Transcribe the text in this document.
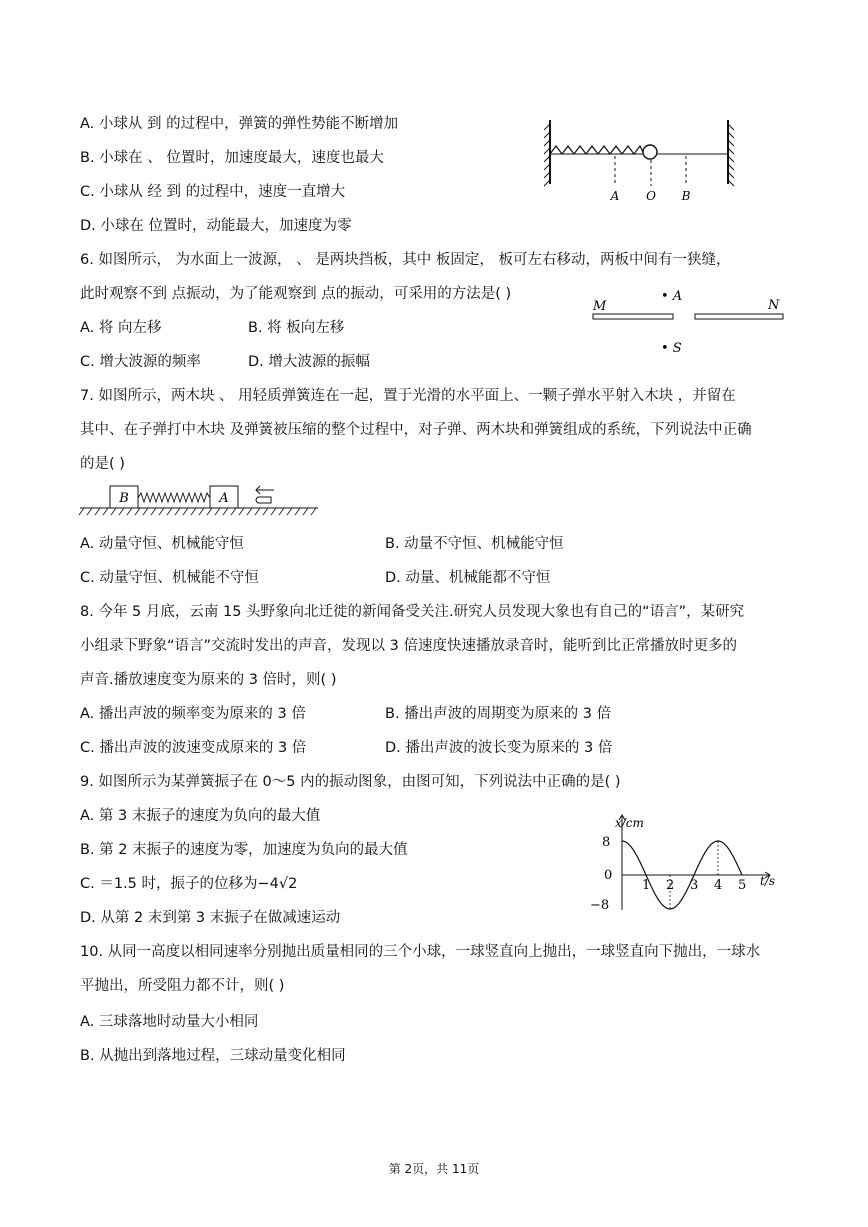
A. 小球从 到 的过程中，弹簧的弹性势能不断增加
B. 小球在 、 位置时，加速度最大，速度也最大
C. 小球从 经 到 的过程中，速度一直增大
D. 小球在 位置时，动能最大，加速度为零
A O B
6. 如图所示， 为水面上一波源， 、 是两块挡板，其中 板固定， 板可左右移动，两板中间有一狭缝，
此时观察不到 点振动，为了能观察到 点的振动，可采用的方法是( )
A. 将 向左移	B. 将 板向左移
C. 增大波源的频率	D. 增大波源的振幅
• A
M	N
• S
7. 如图所示，两木块 、 用轻质弹簧连在一起，置于光滑的水平面上、一颗子弹水平射入木块 ，并留在
其中、在子弹打中木块 及弹簧被压缩的整个过程中，对子弹、两木块和弹簧组成的系统，下列说法中正确
的是( )
B	A
A. 动量守恒、机械能守恒	B. 动量不守恒、机械能守恒
C. 动量守恒、机械能不守恒	D. 动量、机械能都不守恒
8. 今年 5 月底，云南 15 头野象向北迁徙的新闻备受关注.研究人员发现大象也有自己的“语言”，某研究
小组录下野象“语言”交流时发出的声音，发现以 3 倍速度快速播放录音时，能听到比正常播放时更多的
声音.播放速度变为原来的 3 倍时，则( )
A. 播出声波的频率变为原来的 3 倍	B. 播出声波的周期变为原来的 3 倍
C. 播出声波的波速变成原来的 3 倍	D. 播出声波的波长变为原来的 3 倍
9. 如图所示为某弹簧振子在 0～5 内的振动图象，由图可知，下列说法中正确的是( )
A. 第 3 末振子的速度为负向的最大值
B. 第 2 末振子的速度为零，加速度为负向的最大值
C. ＝1.5 时，振子的位移为−4√2
D. 从第 2 末到第 3 末振子在做减速运动
x/cm
t/s
8
0
−8
1 2 3 4 5
10. 从同一高度以相同速率分别抛出质量相同的三个小球，一球竖直向上抛出，一球竖直向下抛出，一球水
平抛出，所受阻力都不计，则( )
A. 三球落地时动量大小相同
B. 从抛出到落地过程，三球动量变化相同
第 2页，共 11页
